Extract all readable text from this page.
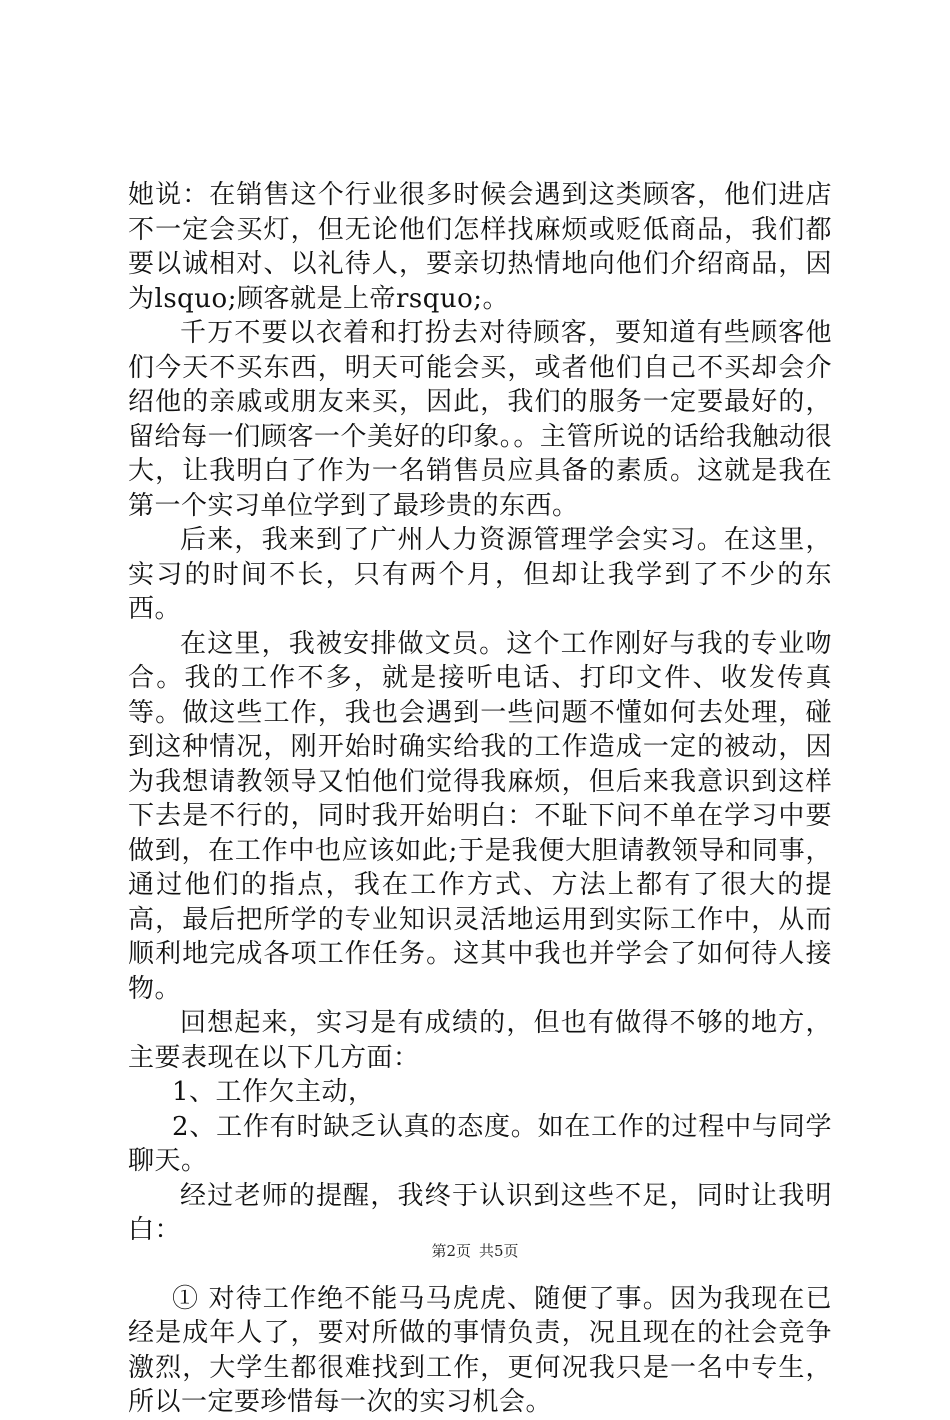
她说：在销售这个行业很多时候会遇到这类顾客，他们进店不一定会买灯，但无论他们怎样找麻烦或贬低商品，我们都要以诚相对、以礼待人，要亲切热情地向他们介绍商品，因为lsquo;顾客就是上帝rsquo;。

千万不要以衣着和打扮去对待顾客，要知道有些顾客他们今天不买东西，明天可能会买，或者他们自己不买却会介绍他的亲戚或朋友来买，因此，我们的服务一定要最好的，留给每一们顾客一个美好的印象。。主管所说的话给我触动很大，让我明白了作为一名销售员应具备的素质。这就是我在第一个实习单位学到了最珍贵的东西。

后来，我来到了广州人力资源管理学会实习。在这里，实习的时间不长，只有两个月，但却让我学到了不少的东西。

在这里，我被安排做文员。这个工作刚好与我的专业吻合。我的工作不多，就是接听电话、打印文件、收发传真等。做这些工作，我也会遇到一些问题不懂如何去处理，碰到这种情况，刚开始时确实给我的工作造成一定的被动，因为我想请教领导又怕他们觉得我麻烦，但后来我意识到这样下去是不行的，同时我开始明白：不耻下问不单在学习中要做到，在工作中也应该如此;于是我便大胆请教领导和同事，通过他们的指点，我在工作方式、方法上都有了很大的提高，最后把所学的专业知识灵活地运用到实际工作中，从而顺利地完成各项工作任务。这其中我也并学会了如何待人接物。

回想起来，实习是有成绩的，但也有做得不够的地方，主要表现在以下几方面：

1、工作欠主动，

2、工作有时缺乏认真的态度。如在工作的过程中与同学聊天。

经过老师的提醒，我终于认识到这些不足，同时让我明白：

① 对待工作绝不能马马虎虎、随便了事。因为我现在已经是成年人了，要对所做的事情负责，况且现在的社会竞争激烈，大学生都很难找到工作，更何况我只是一名中专生，所以一定要珍惜每一次的实习机会。

第2页 共5页
